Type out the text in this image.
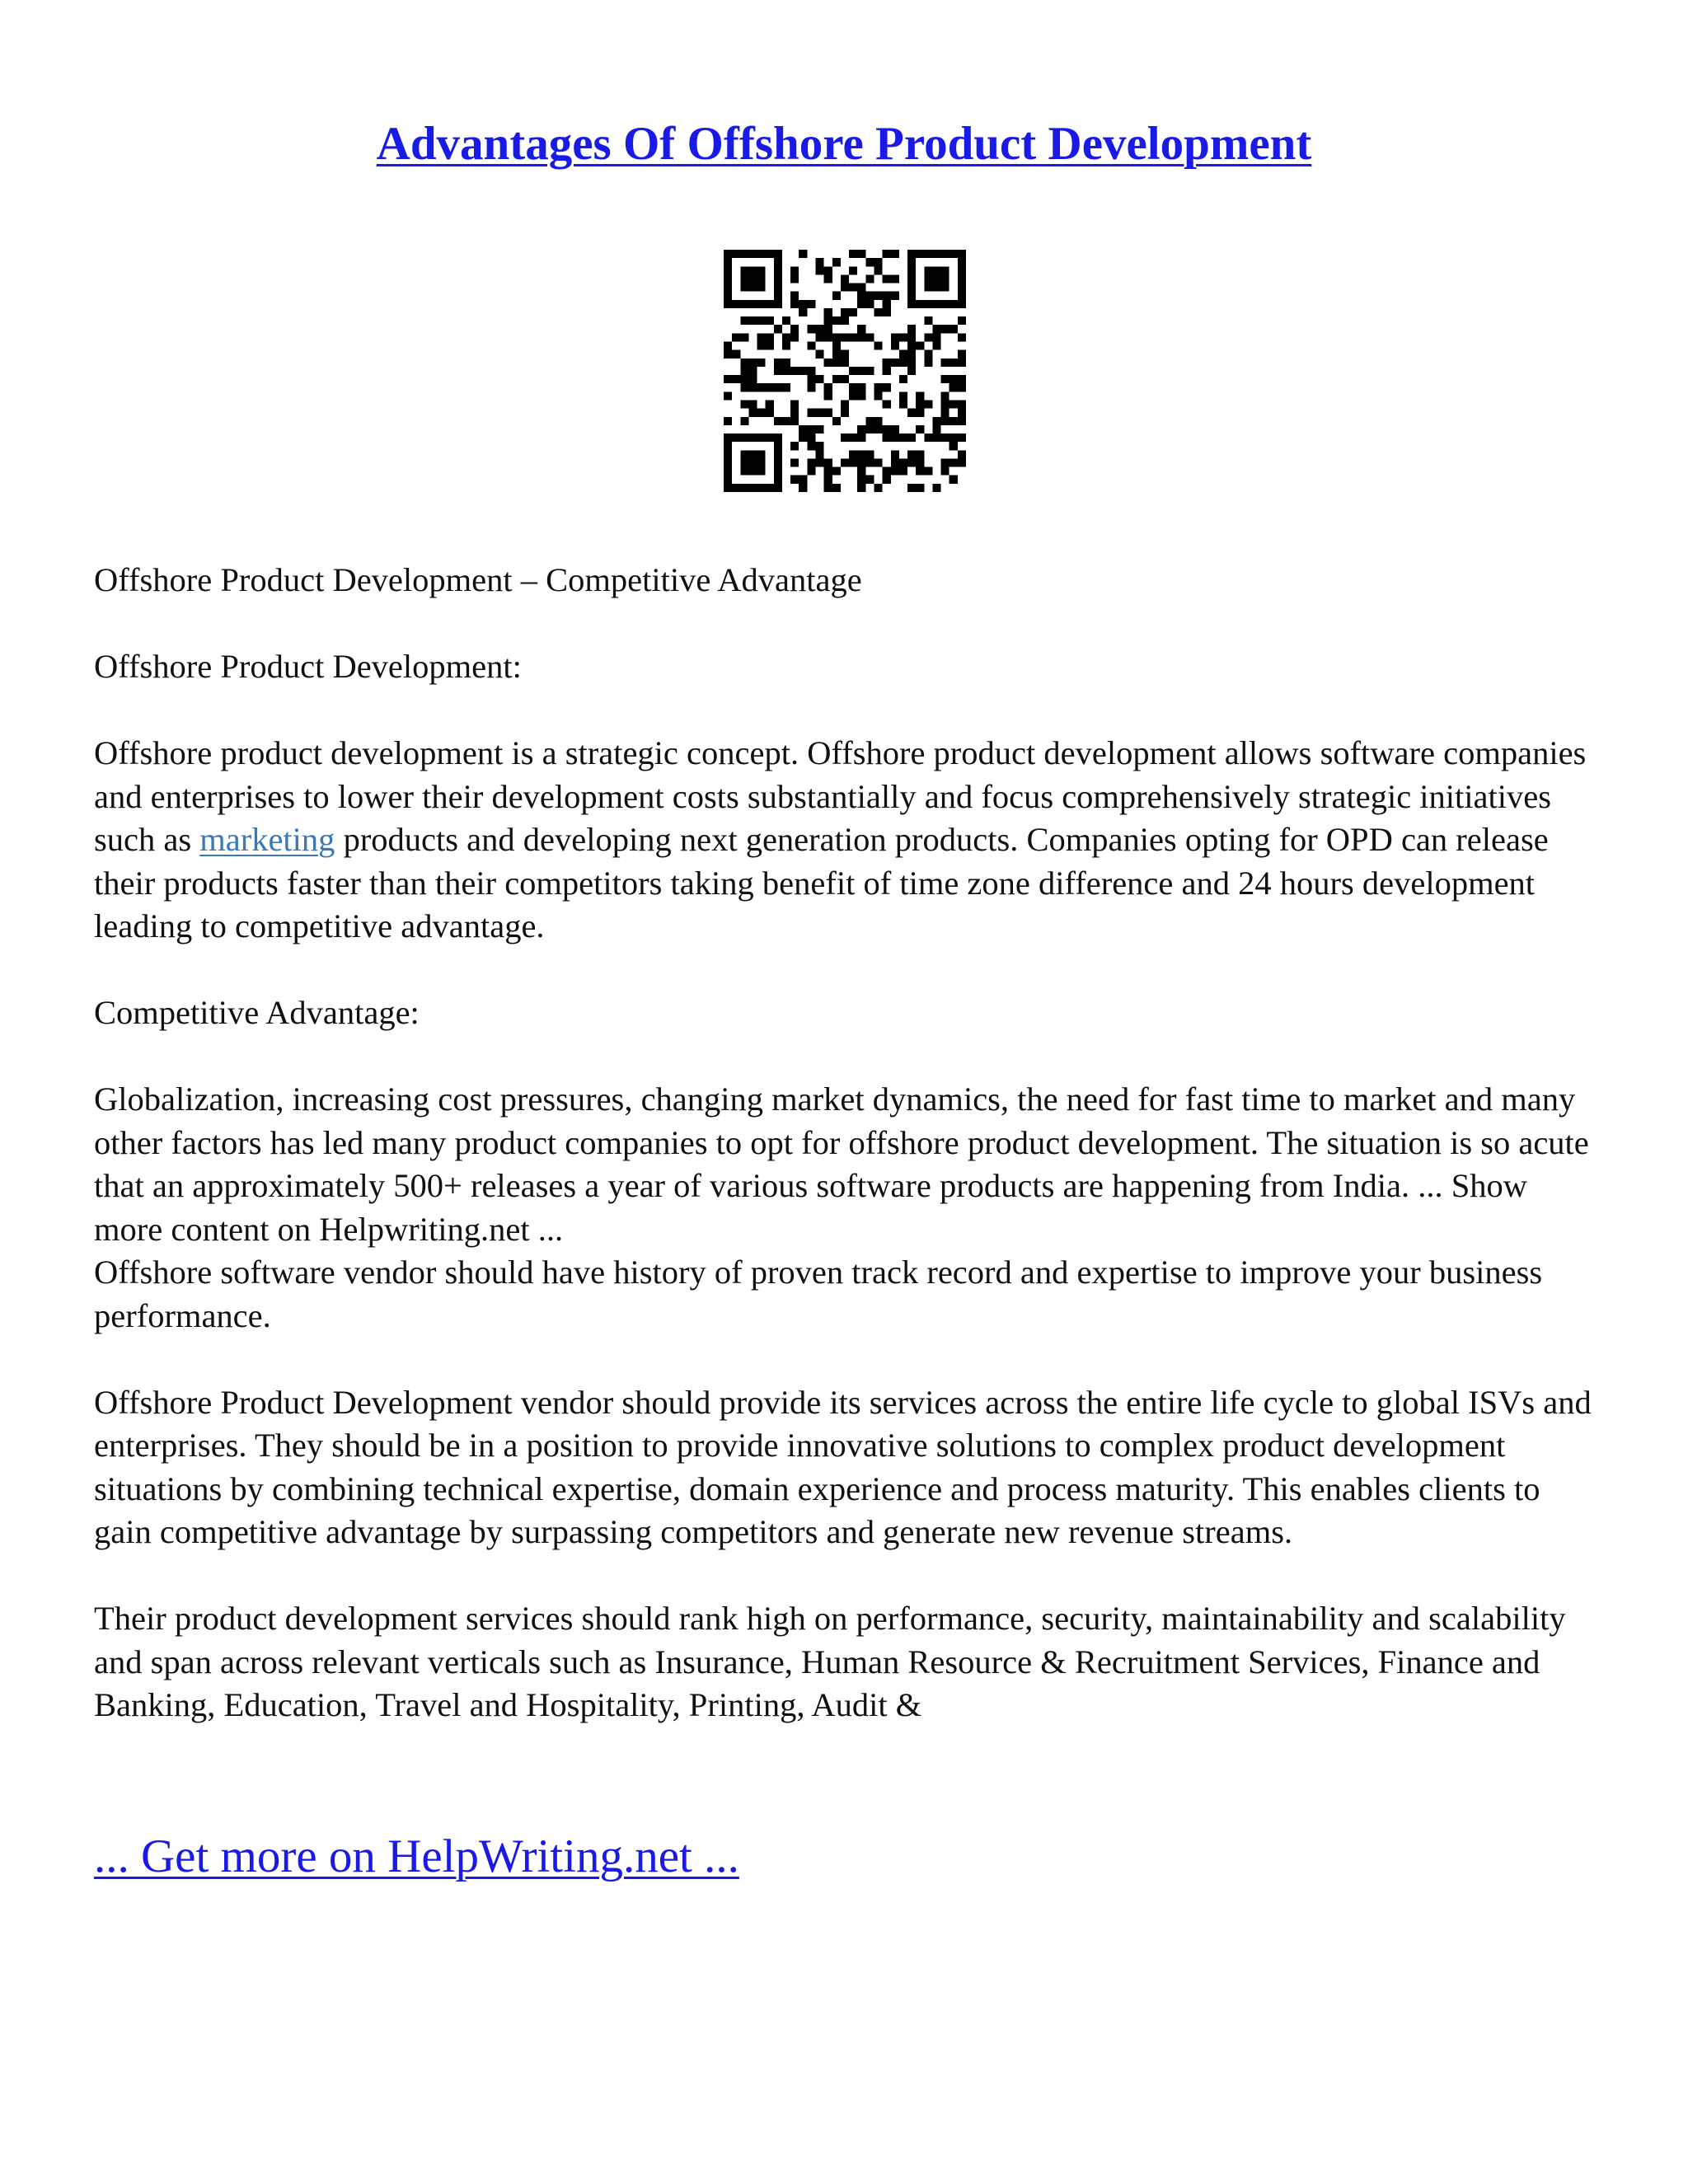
Advantages Of Offshore Product Development

Offshore Product Development – Competitive Advantage

Offshore Product Development:

Offshore product development is a strategic concept. Offshore product development allows software companies and enterprises to lower their development costs substantially and focus comprehensively strategic initiatives such as marketing products and developing next generation products. Companies opting for OPD can release their products faster than their competitors taking benefit of time zone difference and 24 hours development leading to competitive advantage.

Competitive Advantage:

Globalization, increasing cost pressures, changing market dynamics, the need for fast time to market and many other factors has led many product companies to opt for offshore product development. The situation is so acute that an approximately 500+ releases a year of various software products are happening from India. ... Show more content on Helpwriting.net ...

Offshore software vendor should have history of proven track record and expertise to improve your business performance.

Offshore Product Development vendor should provide its services across the entire life cycle to global ISVs and enterprises. They should be in a position to provide innovative solutions to complex product development situations by combining technical expertise, domain experience and process maturity. This enables clients to gain competitive advantage by surpassing competitors and generate new revenue streams.

Their product development services should rank high on performance, security, maintainability and scalability and span across relevant verticals such as Insurance, Human Resource & Recruitment Services, Finance and Banking, Education, Travel and Hospitality, Printing, Audit &

... Get more on HelpWriting.net ...
